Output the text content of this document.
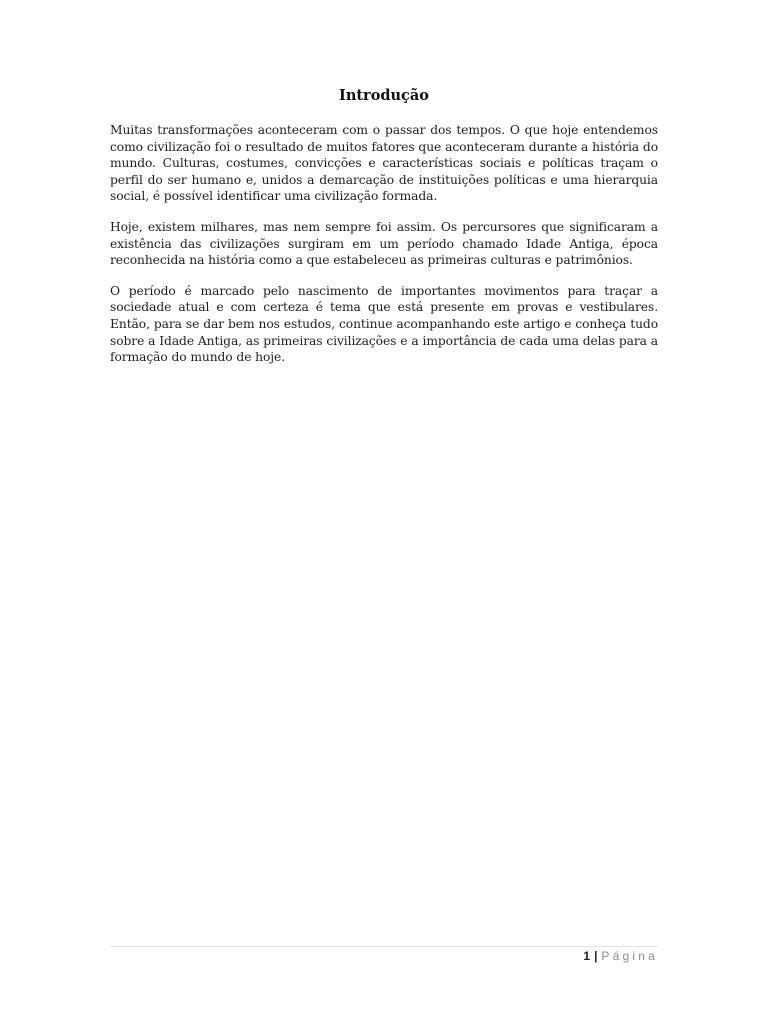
Introdução

Muitas transformações aconteceram com o passar dos tempos. O que hoje entendemos como civilização foi o resultado de muitos fatores que aconteceram durante a história do mundo. Culturas, costumes, convicções e características sociais e políticas traçam o perfil do ser humano e, unidos a demarcação de instituições políticas e uma hierarquia social, é possível identificar uma civilização formada.

Hoje, existem milhares, mas nem sempre foi assim. Os percursores que significaram a existência das civilizações surgiram em um período chamado Idade Antiga, época reconhecida na história como a que estabeleceu as primeiras culturas e patrimônios.

O período é marcado pelo nascimento de importantes movimentos para traçar a sociedade atual e com certeza é tema que está presente em provas e vestibulares. Então, para se dar bem nos estudos, continue acompanhando este artigo e conheça tudo sobre a Idade Antiga, as primeiras civilizações e a importância de cada uma delas para a formação do mundo de hoje.

1 | Página
